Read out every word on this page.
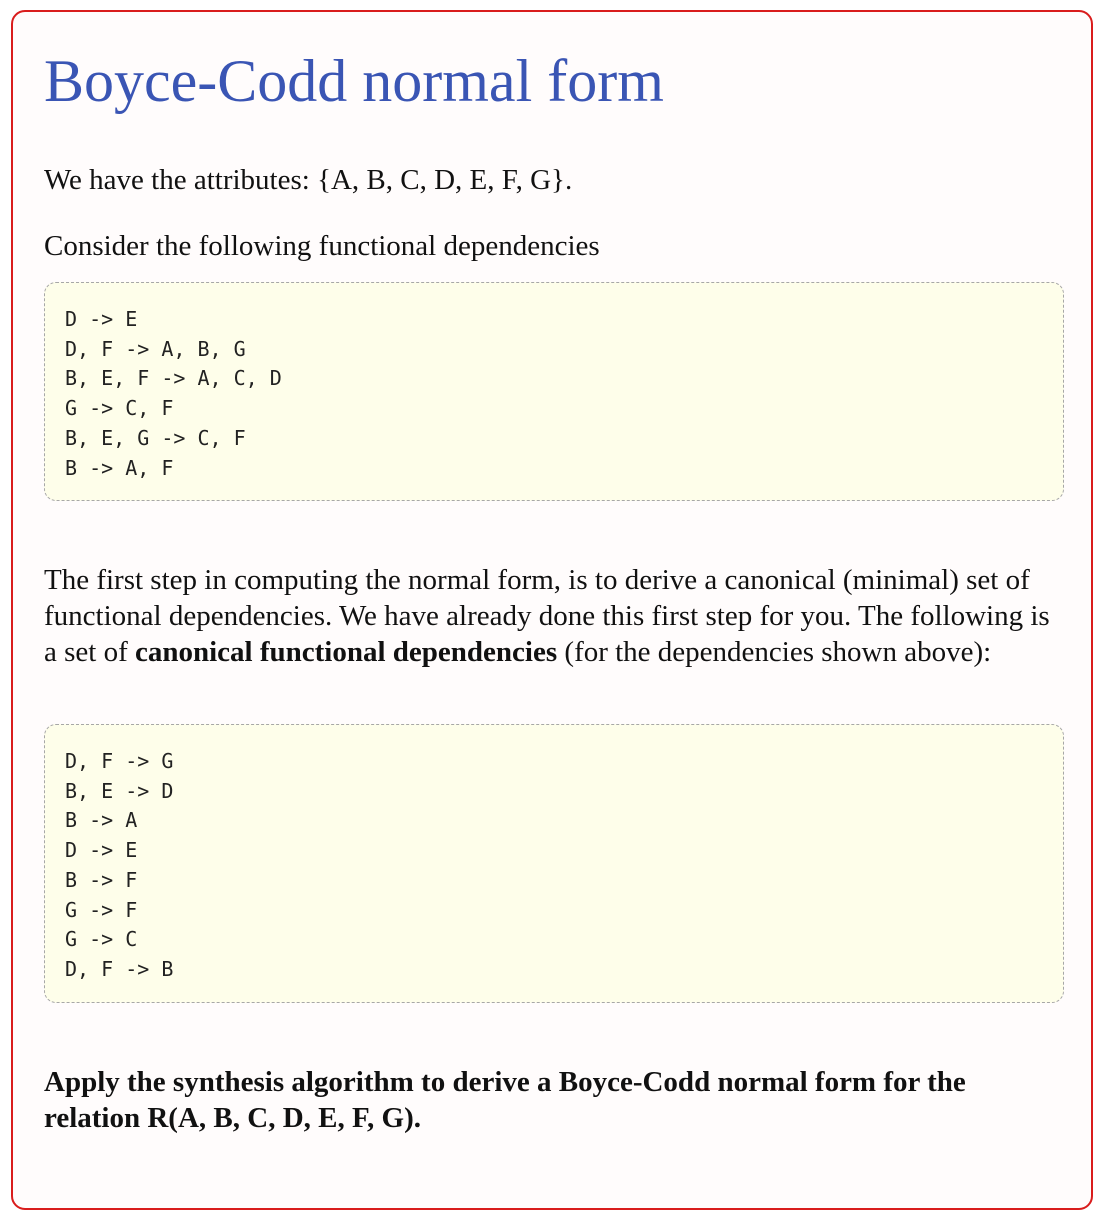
Boyce-Codd normal form

We have the attributes: {A, B, C, D, E, F, G}.

Consider the following functional dependencies

D -> E
D, F -> A, B, G
B, E, F -> A, C, D
G -> C, F
B, E, G -> C, F
B -> A, F

The first step in computing the normal form, is to derive a canonical (minimal) set of functional dependencies. We have already done this first step for you. The following is a set of canonical functional dependencies (for the dependencies shown above):

D, F -> G
B, E -> D
B -> A
D -> E
B -> F
G -> F
G -> C
D, F -> B

Apply the synthesis algorithm to derive a Boyce-Codd normal form for the relation R(A, B, C, D, E, F, G).
